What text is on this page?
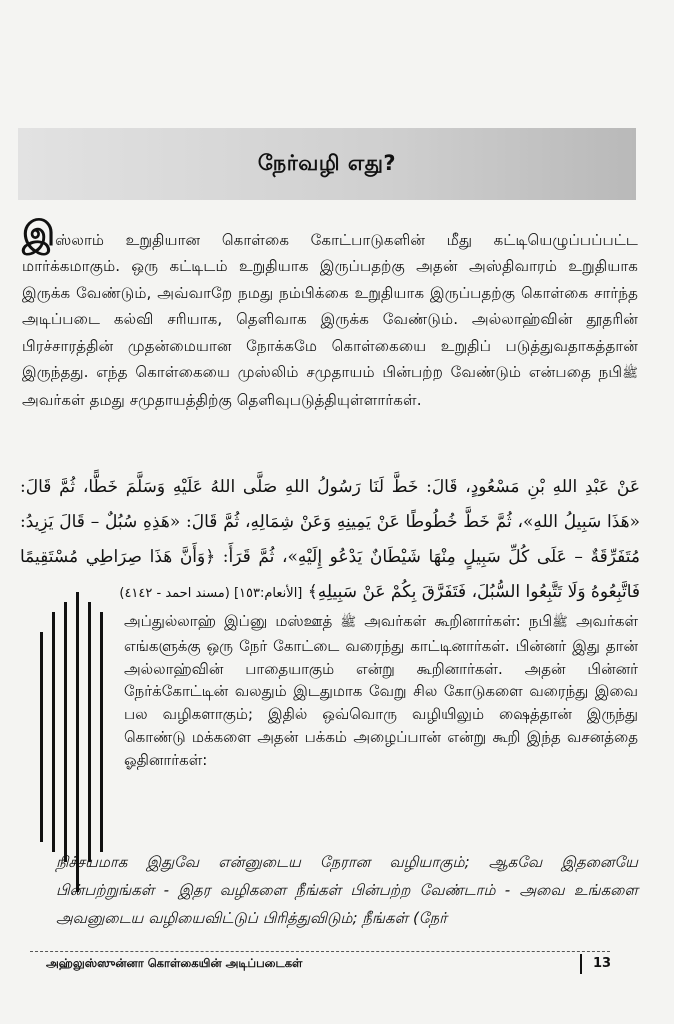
நேர்வழி எது?
இஸ்லாம் உறுதியான கொள்கை கோட்பாடுகளின் மீது கட்டியெழுப்பப்பட்ட மார்க்கமாகும். ஒரு கட்டிடம் உறுதியாக இருப்பதற்கு அதன் அஸ்திவாரம் உறுதியாக இருக்க வேண்டும், அவ்வாறே நமது நம்பிக்கை உறுதியாக இருப்பதற்கு கொள்கை சார்ந்த அடிப்படை கல்வி சரியாக, தெளிவாக இருக்க வேண்டும். அல்லாஹ்வின் தூதரின் பிரச்சாரத்தின் முதன்மையான நோக்கமே கொள்கையை உறுதிப் படுத்துவதாகத்தான் இருந்தது. எந்த கொள்கையை முஸ்லிம் சமுதாயம் பின்பற்ற வேண்டும் என்பதை நபிﷺ அவர்கள் தமது சமுதாயத்திற்கு தெளிவுபடுத்தியுள்ளார்கள்.

عَنْ عَبْدِ اللهِ بْنِ مَسْعُودٍ، قَالَ: خَطَّ لَنَا رَسُولُ اللهِ صَلَّى اللهُ عَلَيْهِ وَسَلَّمَ خَطًّا، ثُمَّ قَالَ: «هَذَا سَبِيلُ اللهِ»، ثُمَّ خَطَّ خُطُوطًا عَنْ يَمِينِهِ وَعَنْ شِمَالِهِ، ثُمَّ قَالَ: «هَذِهِ سُبُلٌ – قَالَ يَزِيدُ: مُتَفَرِّقَةٌ – عَلَى كُلِّ سَبِيلٍ مِنْهَا شَيْطَانٌ يَدْعُو إِلَيْهِ»، ثُمَّ قَرَأَ: ﴿وَأَنَّ هَذَا صِرَاطِي مُسْتَقِيمًا فَاتَّبِعُوهُ وَلَا تَتَّبِعُوا السُّبُلَ، فَتَفَرَّقَ بِكُمْ عَنْ سَبِيلِهِ﴾ [الأنعام:١٥٣] (مسند احمد - ٤١٤٢)

அப்துல்லாஹ் இப்னு மஸ்ஊத் ﷺ அவர்கள் கூறினார்கள்: நபிﷺ அவர்கள் எங்களுக்கு ஒரு நேர் கோட்டை வரைந்து காட்டினார்கள். பின்னர் இது தான் அல்லாஹ்வின் பாதையாகும் என்று கூறினார்கள். அதன் பின்னர் நேர்க்கோட்டின் வலதும் இடதுமாக வேறு சில கோடுகளை வரைந்து இவை பல வழிகளாகும்; இதில் ஒவ்வொரு வழியிலும் ஷைத்தான் இருந்து கொண்டு மக்களை அதன் பக்கம் அழைப்பான் என்று கூறி இந்த வசனத்தை ஓதினார்கள்:

நிச்சயமாக இதுவே என்னுடைய நேரான வழியாகும்; ஆகவே இதனையே பின்பற்றுங்கள் - இதர வழிகளை நீங்கள் பின்பற்ற வேண்டாம் - அவை உங்களை அவனுடைய வழியைவிட்டுப் பிரித்துவிடும்; நீங்கள் (நேர்

அஹ்லுஸ்ஸுன்னா கொள்கையின் அடிப்படைகள்	13
